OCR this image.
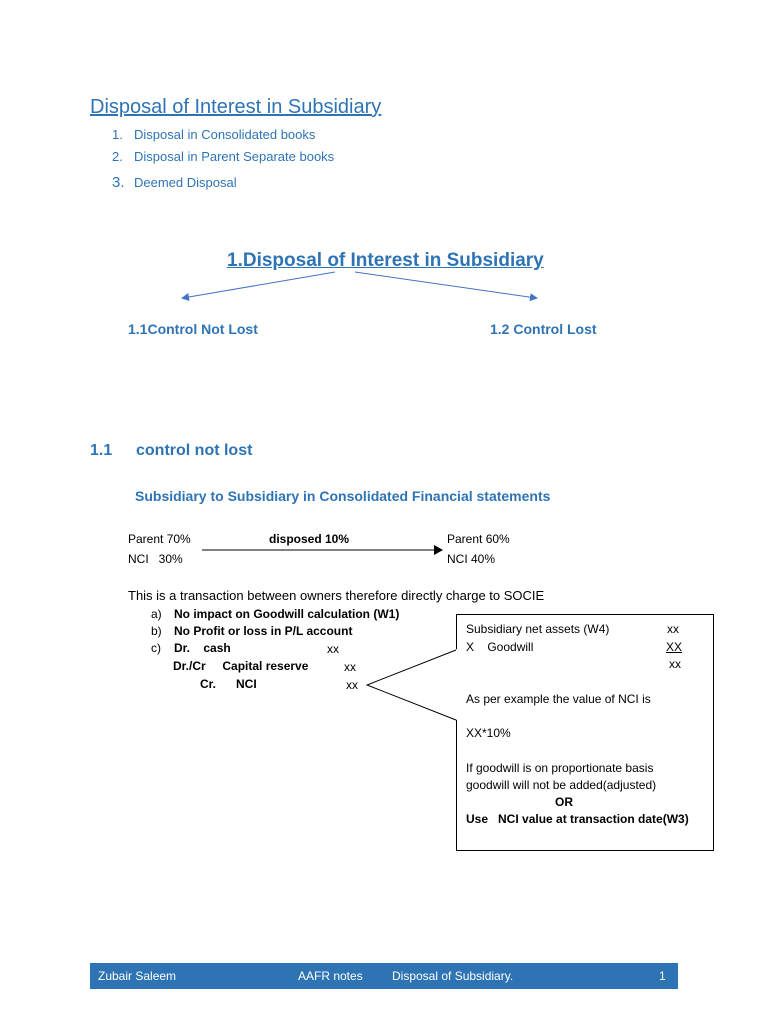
Disposal of Interest in Subsidiary
1. Disposal in Consolidated books
2. Disposal in Parent Separate books
3. Deemed Disposal
1.Disposal of Interest in Subsidiary
1.1Control Not Lost	1.2 Control Lost
1.1 control not lost
Subsidiary to Subsidiary in Consolidated Financial statements
Parent 70%
NCI   30%
disposed 10%	Parent 60%
NCI 40%
This is a transaction between owners therefore directly charge to SOCIE
a) No impact on Goodwill calculation (W1)
b) No Profit or loss in P/L account
c) Dr.    cash	xx
Dr./Cr     Capital reserve	xx
Cr.      NCI	xx
Subsidiary net assets (W4)	xx
X    Goodwill	XX
xx
As per example the value of NCI is
XX*10%
If goodwill is on proportionate basis
goodwill will not be added(adjusted)
OR
Use   NCI value at transaction date(W3)
Zubair Saleem	AAFR notes Disposal of Subsidiary.	1
